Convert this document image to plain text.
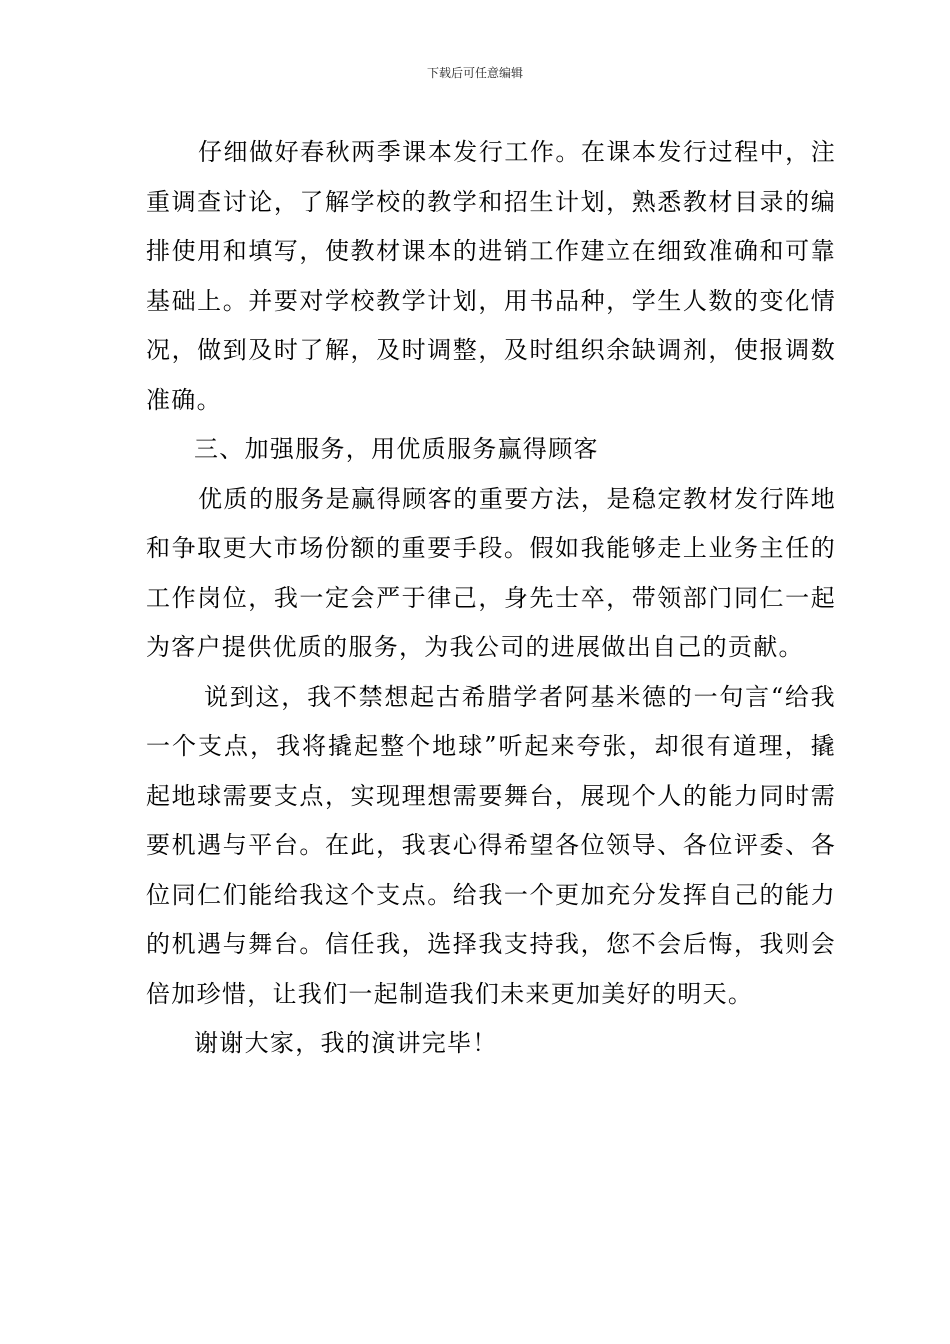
下载后可任意编辑

仔细做好春秋两季课本发行工作。在课本发行过程中，注重调查讨论，了解学校的教学和招生计划，熟悉教材目录的编排使用和填写，使教材课本的进销工作建立在细致准确和可靠基础上。并要对学校教学计划，用书品种，学生人数的变化情况，做到及时了解，及时调整，及时组织余缺调剂，使报调数准确。

三、加强服务，用优质服务赢得顾客

优质的服务是赢得顾客的重要方法，是稳定教材发行阵地和争取更大市场份额的重要手段。假如我能够走上业务主任的工作岗位，我一定会严于律己，身先士卒，带领部门同仁一起为客户提供优质的服务，为我公司的进展做出自己的贡献。

说到这，我不禁想起古希腊学者阿基米德的一句言“给我一个支点，我将撬起整个地球”听起来夸张，却很有道理，撬起地球需要支点，实现理想需要舞台，展现个人的能力同时需要机遇与平台。在此，我衷心得希望各位领导、各位评委、各位同仁们能给我这个支点。给我一个更加充分发挥自己的能力的机遇与舞台。信任我，选择我支持我，您不会后悔，我则会倍加珍惜，让我们一起制造我们未来更加美好的明天。

谢谢大家，我的演讲完毕！
